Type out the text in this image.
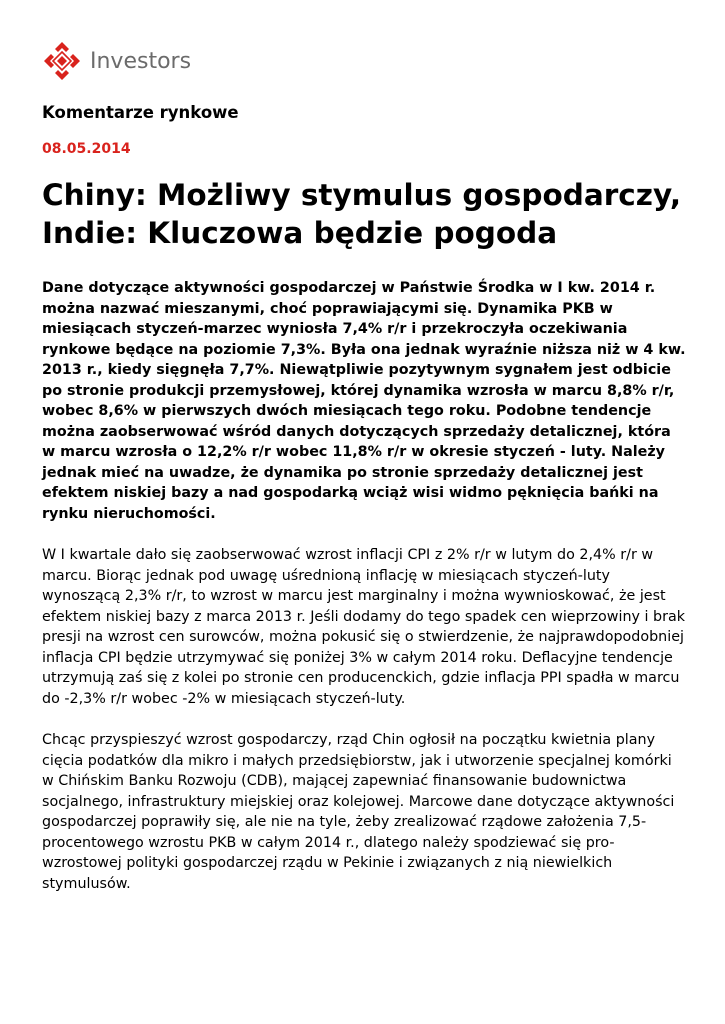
Investors
Komentarze rynkowe
08.05.2014
Chiny: Możliwy stymulus gospodarczy, Indie: Kluczowa będzie pogoda

Dane dotyczące aktywności gospodarczej w Państwie Środka w I kw. 2014 r. można nazwać mieszanymi, choć poprawiającymi się. Dynamika PKB w miesiącach styczeń-marzec wyniosła 7,4% r/r i przekroczyła oczekiwania rynkowe będące na poziomie 7,3%. Była ona jednak wyraźnie niższa niż w 4 kw. 2013 r., kiedy sięgnęła 7,7%. Niewątpliwie pozytywnym sygnałem jest odbicie po stronie produkcji przemysłowej, której dynamika wzrosła w marcu 8,8% r/r, wobec 8,6% w pierwszych dwóch miesiącach tego roku. Podobne tendencje można zaobserwować wśród danych dotyczących sprzedaży detalicznej, która w marcu wzrosła o 12,2% r/r wobec 11,8% r/r w okresie styczeń - luty. Należy jednak mieć na uwadze, że dynamika po stronie sprzedaży detalicznej jest efektem niskiej bazy a nad gospodarką wciąż wisi widmo pęknięcia bańki na rynku nieruchomości.

W I kwartale dało się zaobserwować wzrost inflacji CPI z 2% r/r w lutym do 2,4% r/r w marcu. Biorąc jednak pod uwagę uśrednioną inflację w miesiącach styczeń-luty wynoszącą 2,3% r/r, to wzrost w marcu jest marginalny i można wywnioskować, że jest efektem niskiej bazy z marca 2013 r. Jeśli dodamy do tego spadek cen wieprzowiny i brak presji na wzrost cen surowców, można pokusić się o stwierdzenie, że najprawdopodobniej inflacja CPI będzie utrzymywać się poniżej 3% w całym 2014 roku. Deflacyjne tendencje utrzymują zaś się z kolei po stronie cen producenckich, gdzie inflacja PPI spadła w marcu do -2,3% r/r wobec -2% w miesiącach styczeń-luty.

Chcąc przyspieszyć wzrost gospodarczy, rząd Chin ogłosił na początku kwietnia plany cięcia podatków dla mikro i małych przedsiębiorstw, jak i utworzenie specjalnej komórki w Chińskim Banku Rozwoju (CDB), mającej zapewniać finansowanie budownictwa socjalnego, infrastruktury miejskiej oraz kolejowej. Marcowe dane dotyczące aktywności
gospodarczej poprawiły się, ale nie na tyle, żeby zrealizować rządowe założenia 7,5-procentowego wzrostu PKB w całym 2014 r., dlatego należy spodziewać się pro-wzrostowej polityki gospodarczej rządu w Pekinie i związanych z nią niewielkich stymulusów.
